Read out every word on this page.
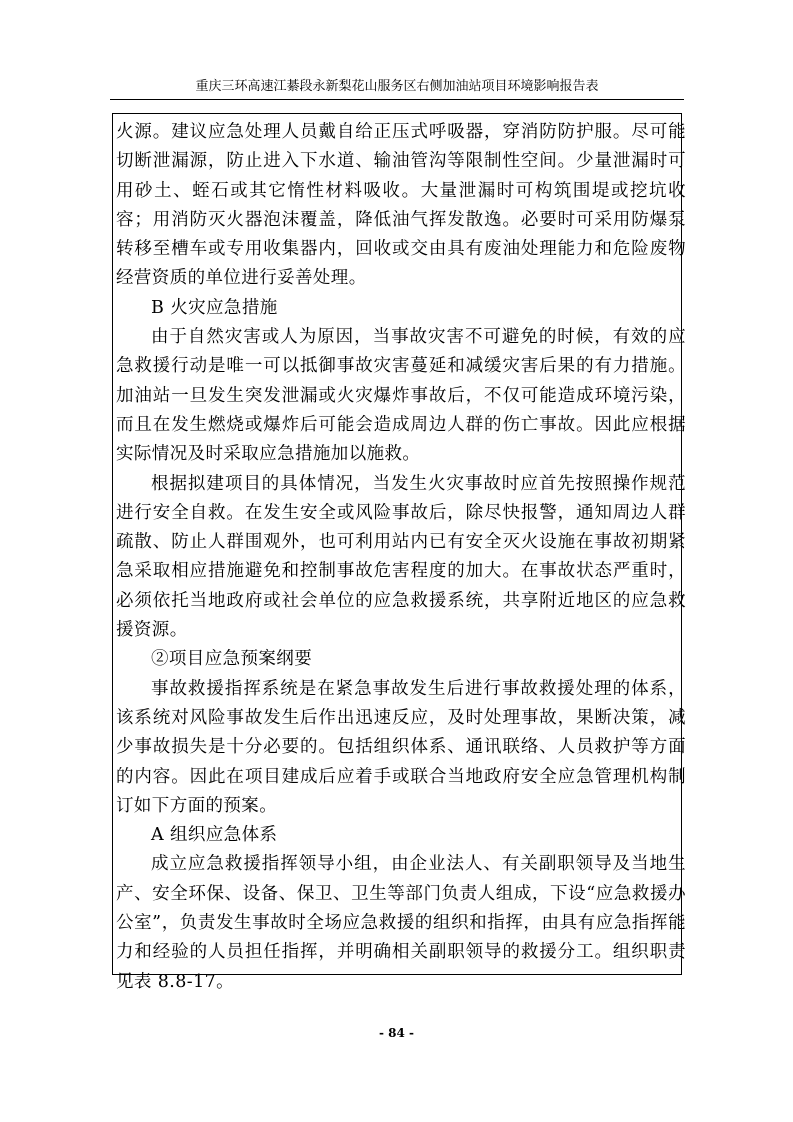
重庆三环高速江綦段永新梨花山服务区右侧加油站项目环境影响报告表

火源。建议应急处理人员戴自给正压式呼吸器，穿消防防护服。尽可能切断泄漏源，防止进入下水道、输油管沟等限制性空间。少量泄漏时可用砂土、蛭石或其它惰性材料吸收。大量泄漏时可构筑围堤或挖坑收容；用消防灭火器泡沫覆盖，降低油气挥发散逸。必要时可采用防爆泵转移至槽车或专用收集器内，回收或交由具有废油处理能力和危险废物经营资质的单位进行妥善处理。

B 火灾应急措施

由于自然灾害或人为原因，当事故灾害不可避免的时候，有效的应急救援行动是唯一可以抵御事故灾害蔓延和减缓灾害后果的有力措施。加油站一旦发生突发泄漏或火灾爆炸事故后，不仅可能造成环境污染，而且在发生燃烧或爆炸后可能会造成周边人群的伤亡事故。因此应根据实际情况及时采取应急措施加以施救。

根据拟建项目的具体情况，当发生火灾事故时应首先按照操作规范进行安全自救。在发生安全或风险事故后，除尽快报警，通知周边人群疏散、防止人群围观外，也可利用站内已有安全灭火设施在事故初期紧急采取相应措施避免和控制事故危害程度的加大。在事故状态严重时，必须依托当地政府或社会单位的应急救援系统，共享附近地区的应急救援资源。

②项目应急预案纲要

事故救援指挥系统是在紧急事故发生后进行事故救援处理的体系，该系统对风险事故发生后作出迅速反应，及时处理事故，果断决策，减少事故损失是十分必要的。包括组织体系、通讯联络、人员救护等方面的内容。因此在项目建成后应着手或联合当地政府安全应急管理机构制订如下方面的预案。

A 组织应急体系

成立应急救援指挥领导小组，由企业法人、有关副职领导及当地生产、安全环保、设备、保卫、卫生等部门负责人组成，下设“应急救援办公室”，负责发生事故时全场应急救援的组织和指挥，由具有应急指挥能力和经验的人员担任指挥，并明确相关副职领导的救援分工。组织职责见表 8.8-17。

- 84 -
